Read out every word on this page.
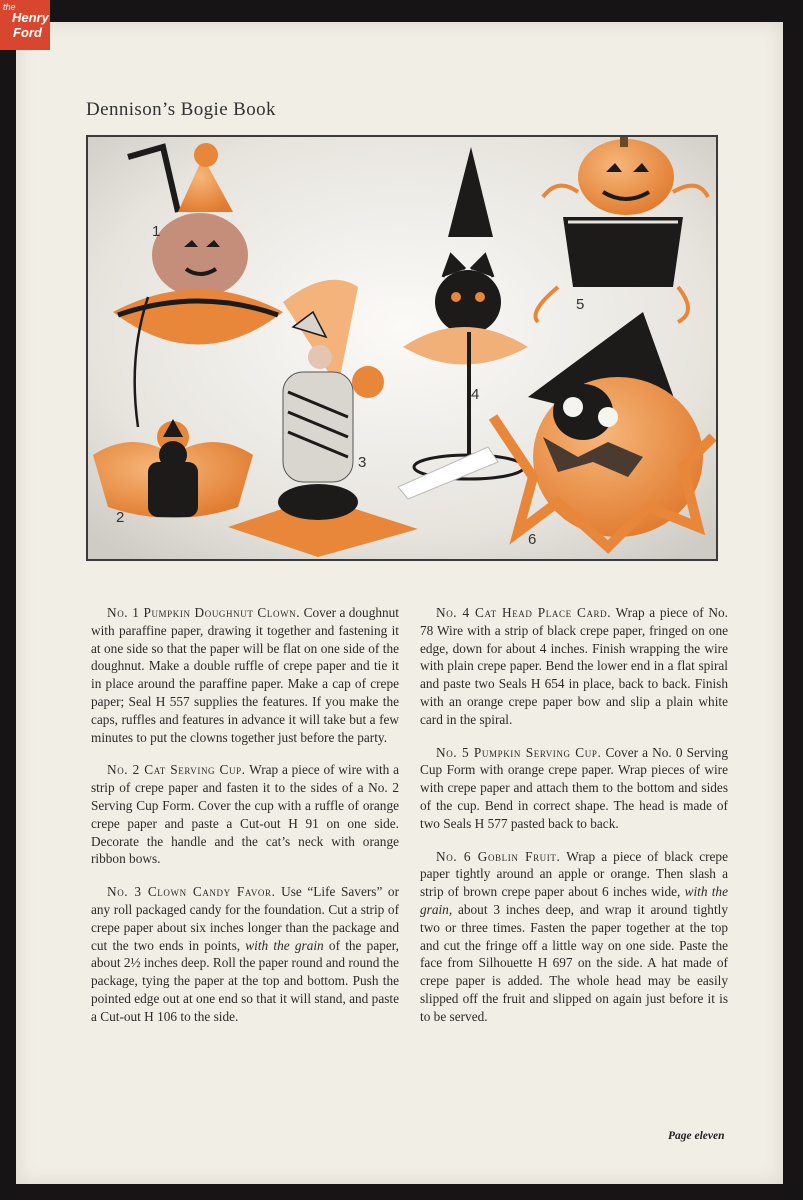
Dennison’s Bogie Book
1
2
3
4
5
6

No. 1 Pumpkin Doughnut Clown. Cover a doughnut with paraffine paper, drawing it together and fastening it at one side so that the paper will be flat on one side of the doughnut. Make a double ruffle of crepe paper and tie it in place around the paraffine paper. Make a cap of crepe paper; Seal H 557 supplies the features. If you make the caps, ruffles and features in advance it will take but a few minutes to put the clowns together just before the party.

No. 2 Cat Serving Cup. Wrap a piece of wire with a strip of crepe paper and fasten it to the sides of a No. 2 Serving Cup Form. Cover the cup with a ruffle of orange crepe paper and paste a Cut-out H 91 on one side. Decorate the handle and the cat’s neck with orange ribbon bows.

No. 3 Clown Candy Favor. Use “Life Savers” or any roll packaged candy for the foundation. Cut a strip of crepe paper about six inches longer than the package and cut the two ends in points, with the grain of the paper, about 2½ inches deep. Roll the paper round and round the package, tying the paper at the top and bottom. Push the pointed edge out at one end so that it will stand, and paste a Cut-out H 106 to the side.

No. 4 Cat Head Place Card. Wrap a piece of No. 78 Wire with a strip of black crepe paper, fringed on one edge, down for about 4 inches. Finish wrapping the wire with plain crepe paper. Bend the lower end in a flat spiral and paste two Seals H 654 in place, back to back. Finish with an orange crepe paper bow and slip a plain white card in the spiral.

No. 5 Pumpkin Serving Cup. Cover a No. 0 Serving Cup Form with orange crepe paper. Wrap pieces of wire with crepe paper and attach them to the bottom and sides of the cup. Bend in correct shape. The head is made of two Seals H 577 pasted back to back.

No. 6 Goblin Fruit. Wrap a piece of black crepe paper tightly around an apple or orange. Then slash a strip of brown crepe paper about 6 inches wide, with the grain, about 3 inches deep, and wrap it around tightly two or three times. Fasten the paper together at the top and cut the fringe off a little way on one side. Paste the face from Silhouette H 697 on the side. A hat made of crepe paper is added. The whole head may be easily slipped off the fruit and slipped on again just before it is to be served.

Page eleven
the
Henry
Ford
